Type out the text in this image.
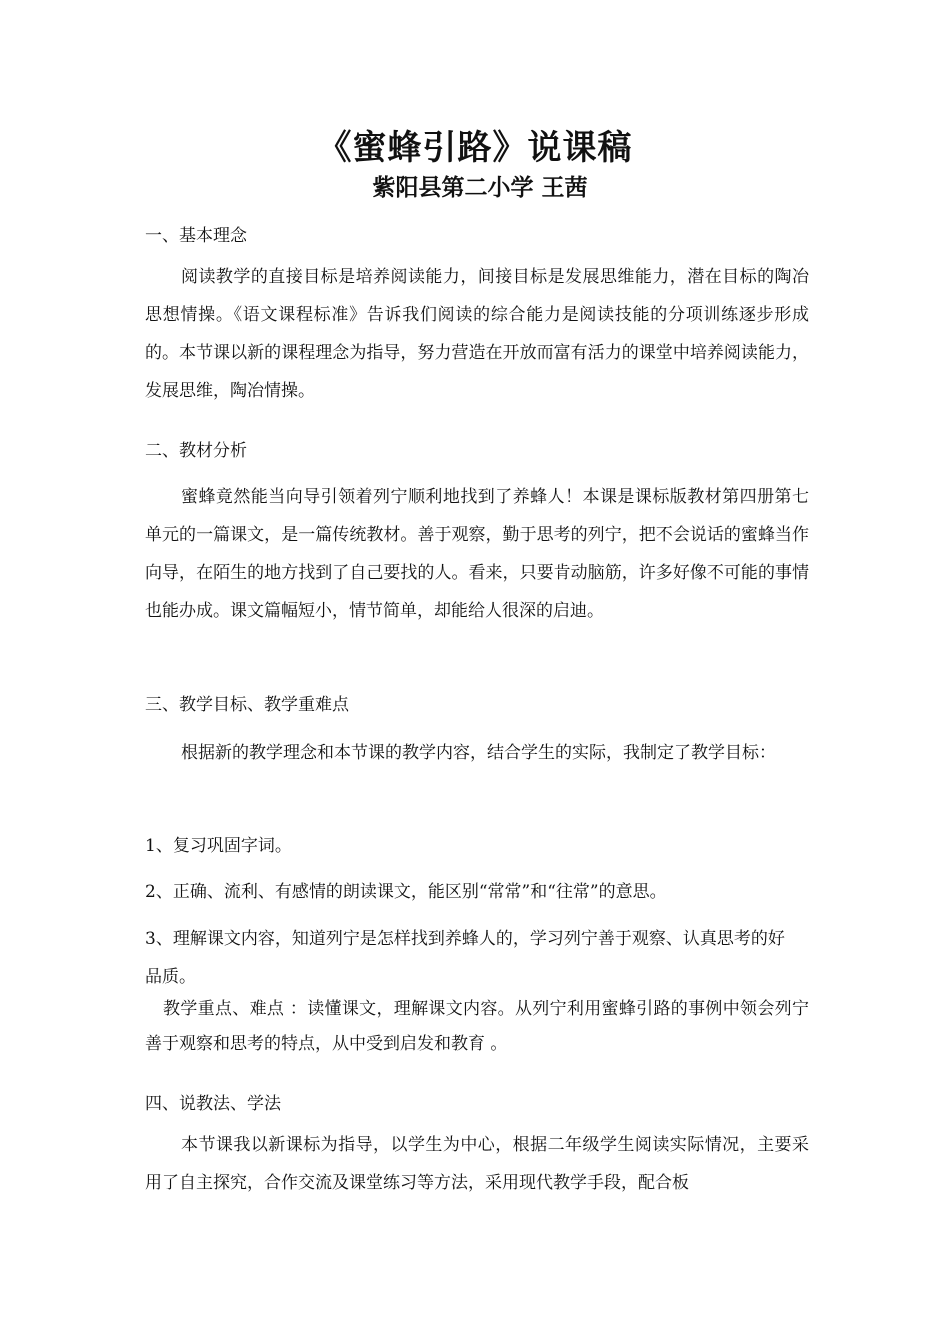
《蜜蜂引路》说课稿
紫阳县第二小学 王茜
一、基本理念

阅读教学的直接目标是培养阅读能力，间接目标是发展思维能力，潜在目标的陶冶思想情操。《语文课程标准》告诉我们阅读的综合能力是阅读技能的分项训练逐步形成的。本节课以新的课程理念为指导，努力营造在开放而富有活力的课堂中培养阅读能力，发展思维，陶冶情操。

二、教材分析

蜜蜂竟然能当向导引领着列宁顺利地找到了养蜂人！本课是课标版教材第四册第七单元的一篇课文，是一篇传统教材。善于观察，勤于思考的列宁，把不会说话的蜜蜂当作向导，在陌生的地方找到了自己要找的人。看来，只要肯动脑筋，许多好像不可能的事情也能办成。课文篇幅短小，情节简单，却能给人很深的启迪。

三、教学目标、教学重难点

根据新的教学理念和本节课的教学内容，结合学生的实际，我制定了教学目标：

1、复习巩固字词。
2、正确、流利、有感情的朗读课文，能区别“常常”和“往常”的意思。

3、理解课文内容，知道列宁是怎样找到养蜂人的，学习列宁善于观察、认真思考的好品质。

教学重点、难点 ：读懂课文，理解课文内容。从列宁利用蜜蜂引路的事例中领会列宁善于观察和思考的特点，从中受到启发和教育 。

四、说教法、学法

本节课我以新课标为指导，以学生为中心，根据二年级学生阅读实际情况，主要采用了自主探究，合作交流及课堂练习等方法，采用现代教学手段，配合板
